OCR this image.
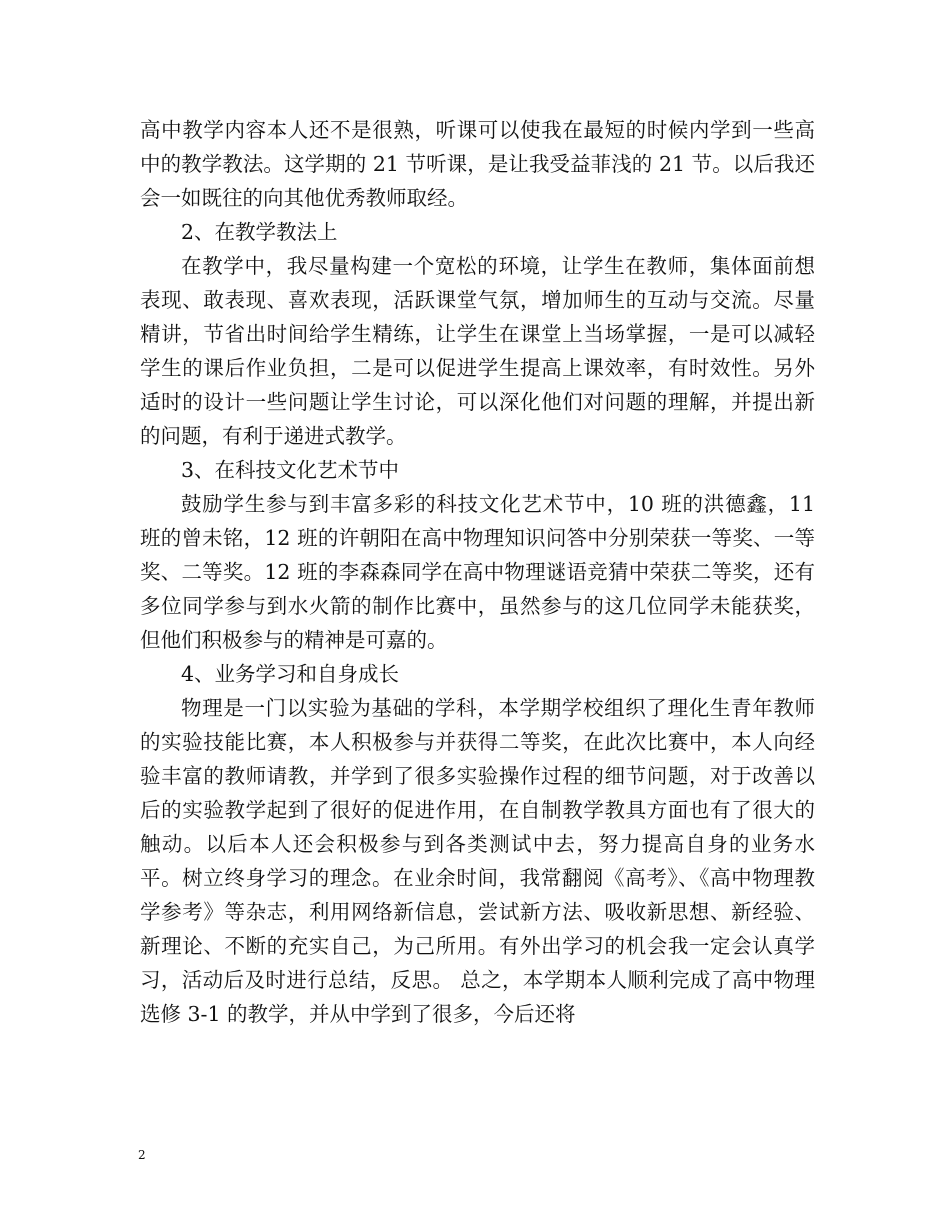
高中教学内容本人还不是很熟，听课可以使我在最短的时候内学到一些高中的教学教法。这学期的 21 节听课，是让我受益菲浅的 21 节。以后我还会一如既往的向其他优秀教师取经。

2、在教学教法上

在教学中，我尽量构建一个宽松的环境，让学生在教师，集体面前想表现、敢表现、喜欢表现，活跃课堂气氛，增加师生的互动与交流。尽量精讲，节省出时间给学生精练，让学生在课堂上当场掌握，一是可以减轻学生的课后作业负担，二是可以促进学生提高上课效率，有时效性。另外适时的设计一些问题让学生讨论，可以深化他们对问题的理解，并提出新的问题，有利于递进式教学。

3、在科技文化艺术节中

鼓励学生参与到丰富多彩的科技文化艺术节中，10 班的洪德鑫，11 班的曾未铭，12 班的许朝阳在高中物理知识问答中分别荣获一等奖、一等奖、二等奖。12 班的李森森同学在高中物理谜语竞猜中荣获二等奖，还有多位同学参与到水火箭的制作比赛中，虽然参与的这几位同学未能获奖，但他们积极参与的精神是可嘉的。

4、业务学习和自身成长

物理是一门以实验为基础的学科，本学期学校组织了理化生青年教师的实验技能比赛，本人积极参与并获得二等奖，在此次比赛中，本人向经验丰富的教师请教，并学到了很多实验操作过程的细节问题，对于改善以后的实验教学起到了很好的促进作用，在自制教学教具方面也有了很大的触动。以后本人还会积极参与到各类测试中去，努力提高自身的业务水平。树立终身学习的理念。在业余时间，我常翻阅《高考》、《高中物理教学参考》等杂志，利用网络新信息，尝试新方法、吸收新思想、新经验、新理论、不断的充实自己，为己所用。有外出学习的机会我一定会认真学习，活动后及时进行总结，反思。 总之，本学期本人顺利完成了高中物理选修 3-1 的教学，并从中学到了很多，今后还将

2
